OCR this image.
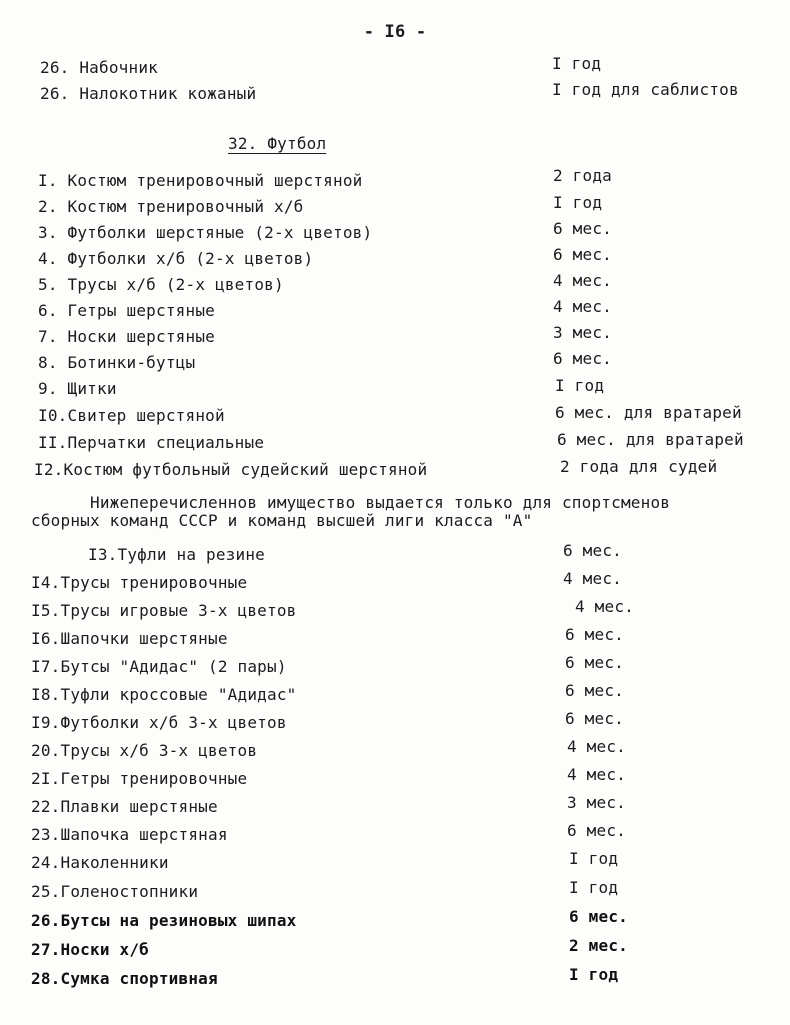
- I6 -
26. Набочник	I год
26. Налокотник кожаный	I год для саблистов
32. Футбол
I. Костюм тренировочный шерстяной	2 года
2. Костюм тренировочный х/б	I год
3. Футболки шерстяные (2-х цветов)	6 мес.
4. Футболки х/б (2-х цветов)	6 мес.
5. Трусы х/б (2-х цветов)	4 мес.
6. Гетры шерстяные	4 мес.
7. Носки шерстяные	3 мес.
8. Ботинки-бутцы	6 мес.
9. Щитки	I год
I0.Свитер шерстяной	6 мес. для вратарей
II.Перчатки специальные	6 мес. для вратарей
I2.Костюм футбольный судейский шерстяной	2 года для судей
Нижеперечисленнов имущество выдается только для спортсменов
сборных команд СССР и команд высшей лиги класса "А"
I3.Туфли на резине	6 мес.
I4.Трусы тренировочные	4 мес.
I5.Трусы игровые 3-х цветов	4 мес.
I6.Шапочки шерстяные	6 мес.
I7.Бутсы "Адидас" (2 пары)	6 мес.
I8.Туфли кроссовые "Адидас"	6 мес.
I9.Футболки х/б 3-х цветов	6 мес.
20.Трусы х/б 3-х цветов	4 мес.
2I.Гетры тренировочные	4 мес.
22.Плавки шерстяные	3 мес.
23.Шапочка шерстяная	6 мес.
24.Наколенники	I год
25.Голеностопники	I год
26.Бутсы на резиновых шипах	6 мес.
27.Носки х/б	2 мес.
28.Сумка спортивная	I год
